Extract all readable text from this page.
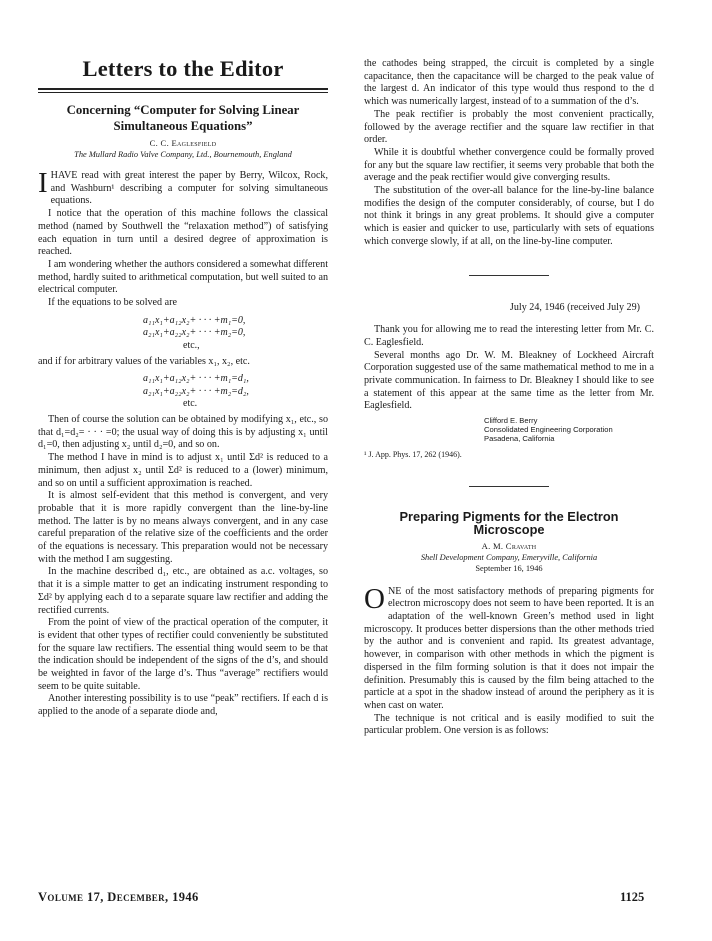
Letters to the Editor
Concerning “Computer for Solving Linear Simultaneous Equations”
C. C. Eaglesfield
The Mullard Radio Valve Company, Ltd., Bournemouth, England

IHAVE read with great interest the paper by Berry, Wilcox, Rock, and Washburn¹ describing a computer for solving simultaneous equations.

I notice that the operation of this machine follows the classical method (named by Southwell the “relaxation method”) of satisfying each equation in turn until a desired degree of approximation is reached.

I am wondering whether the authors considered a somewhat different method, hardly suited to arithmetical computation, but well suited to an electrical computer.

If the equations to be solved are

a₁₁x₁+a₁₂x₂+ · · · +m₁=0,
a₂₁x₁+a₂₂x₂+ · · · +m₂=0,
etc.,

and if for arbitrary values of the variables x₁, x₂, etc.

a₁₁x₁+a₁₂x₂+ · · · +m₁=d₁,
a₂₁x₁+a₂₂x₂+ · · · +m₂=d₂,
etc.

Then of course the solution can be obtained by modifying x₁, etc., so that d₁=d₂= · · · =0; the usual way of doing this is by adjusting x₁ until d₁=0, then adjusting x₂ until d₂=0, and so on.

The method I have in mind is to adjust x₁ until Σd² is reduced to a minimum, then adjust x₂ until Σd² is reduced to a (lower) minimum, and so on until a sufficient approximation is reached.

It is almost self-evident that this method is convergent, and very probable that it is more rapidly convergent than the line-by-line method. The latter is by no means always convergent, and in any case careful preparation of the relative size of the coefficients and the order of the equations is necessary. This preparation would not be necessary with the method I am suggesting.

In the machine described d₁, etc., are obtained as a.c. voltages, so that it is a simple matter to get an indicating instrument responding to Σd² by applying each d to a separate square law rectifier and adding the rectified currents.

From the point of view of the practical operation of the computer, it is evident that other types of rectifier could conveniently be substituted for the square law rectifiers. The essential thing would seem to be that the indication should be independent of the signs of the d’s, and should be weighted in favor of the large d’s. Thus “average” rectifiers would seem to be quite suitable.

Another interesting possibility is to use “peak” rectifiers. If each d is applied to the anode of a separate diode and,

the cathodes being strapped, the circuit is completed by a single capacitance, then the capacitance will be charged to the peak value of the largest d. An indicator of this type would thus respond to the d which was numerically largest, instead of to a summation of the d’s.

The peak rectifier is probably the most convenient practically, followed by the average rectifier and the square law rectifier in that order.

While it is doubtful whether convergence could be formally proved for any but the square law rectifier, it seems very probable that both the average and the peak rectifier would give converging results.

The substitution of the over-all balance for the line-by-line balance modifies the design of the computer considerably, of course, but I do not think it brings in any great problems. It should give a computer which is easier and quicker to use, particularly with sets of equations which converge slowly, if at all, on the line-by-line computer.

July 24, 1946 (received July 29)

Thank you for allowing me to read the interesting letter from Mr. C. C. Eaglesfield.

Several months ago Dr. W. M. Bleakney of Lockheed Aircraft Corporation suggested use of the same mathematical method to me in a private communication. In fairness to Dr. Bleakney I should like to see a statement of this appear at the same time as the letter from Mr. Eaglesfield.

Clifford E. Berry
Consolidated Engineering Corporation
Pasadena, California

¹ J. App. Phys. 17, 262 (1946).

Preparing Pigments for the Electron Microscope
A. M. Cravath
Shell Development Company, Emeryville, California
September 16, 1946

ONE of the most satisfactory methods of preparing pigments for electron microscopy does not seem to have been reported. It is an adaptation of the well-known Green’s method used in light microscopy. It produces better dispersions than the other methods tried by the author and is convenient and rapid. Its greatest advantage, however, in comparison with other methods in which the pigment is dispersed in the film forming solution is that it does not impair the definition. Presumably this is caused by the film being attached to the particle at a spot in the shadow instead of around the periphery as it is when cast on water.

The technique is not critical and is easily modified to suit the particular problem. One version is as follows:

Volume 17, December, 1946	1125
